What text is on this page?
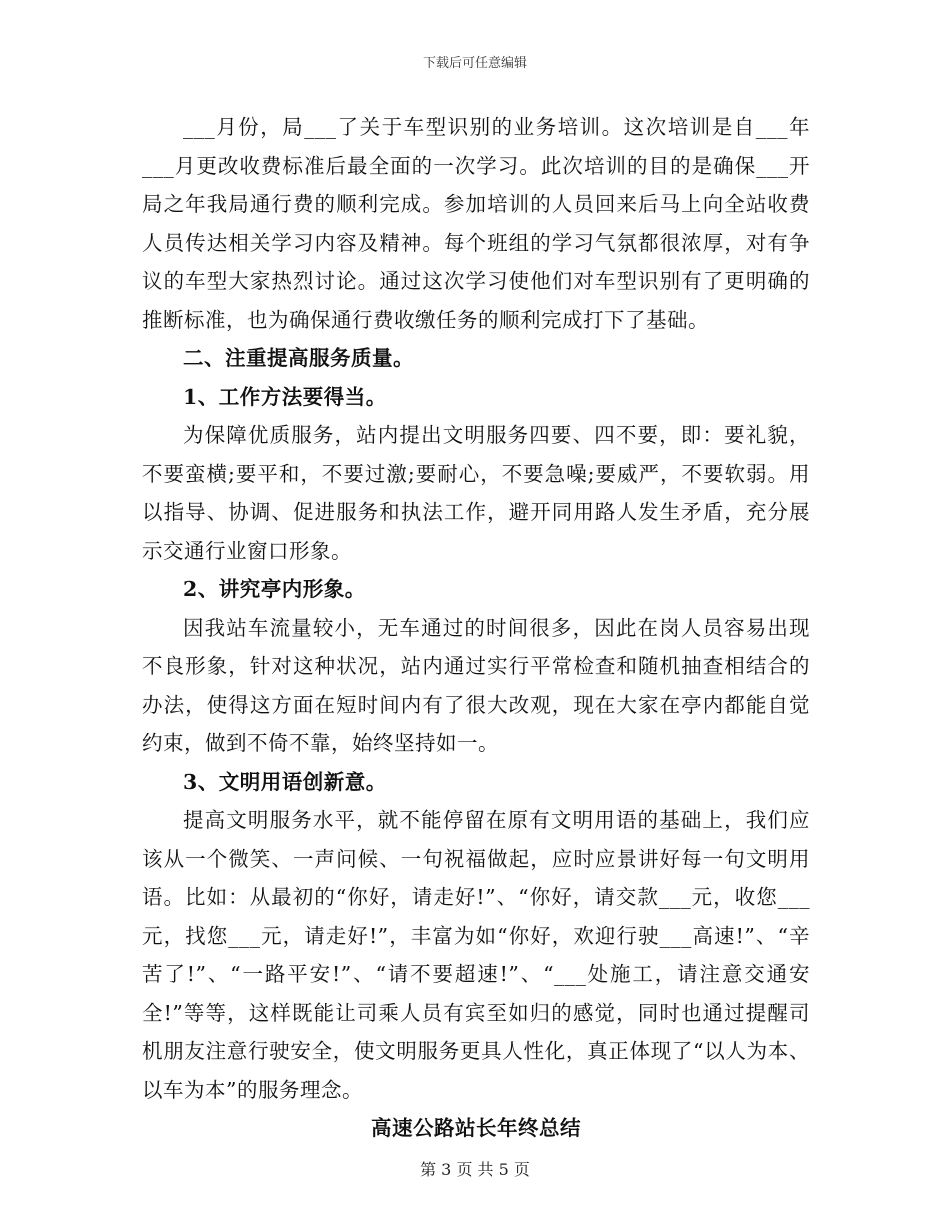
下载后可任意编辑

___月份，局___了关于车型识别的业务培训。这次培训是自___年___月更改收费标准后最全面的一次学习。此次培训的目的是确保___开局之年我局通行费的顺利完成。参加培训的人员回来后马上向全站收费人员传达相关学习内容及精神。每个班组的学习气氛都很浓厚，对有争议的车型大家热烈讨论。通过这次学习使他们对车型识别有了更明确的推断标准，也为确保通行费收缴任务的顺利完成打下了基础。

二、注重提高服务质量。

1、工作方法要得当。

为保障优质服务，站内提出文明服务四要、四不要，即：要礼貌，不要蛮横;要平和，不要过激;要耐心，不要急噪;要威严，不要软弱。用以指导、协调、促进服务和执法工作，避开同用路人发生矛盾，充分展示交通行业窗口形象。

2、讲究亭内形象。

因我站车流量较小，无车通过的时间很多，因此在岗人员容易出现不良形象，针对这种状况，站内通过实行平常检查和随机抽查相结合的办法，使得这方面在短时间内有了很大改观，现在大家在亭内都能自觉约束，做到不倚不靠，始终坚持如一。

3、文明用语创新意。

提高文明服务水平，就不能停留在原有文明用语的基础上，我们应该从一个微笑、一声问候、一句祝福做起，应时应景讲好每一句文明用语。比如：从最初的“你好，请走好!”、“你好，请交款___元，收您___元，找您___元，请走好!”，丰富为如“你好，欢迎行驶___高速!”、“辛苦了!”、“一路平安!”、“请不要超速!”、“___处施工，请注意交通安全!”等等，这样既能让司乘人员有宾至如归的感觉，同时也通过提醒司机朋友注意行驶安全，使文明服务更具人性化，真正体现了“以人为本、以车为本”的服务理念。

高速公路站长年终总结

第 3 页 共 5 页
